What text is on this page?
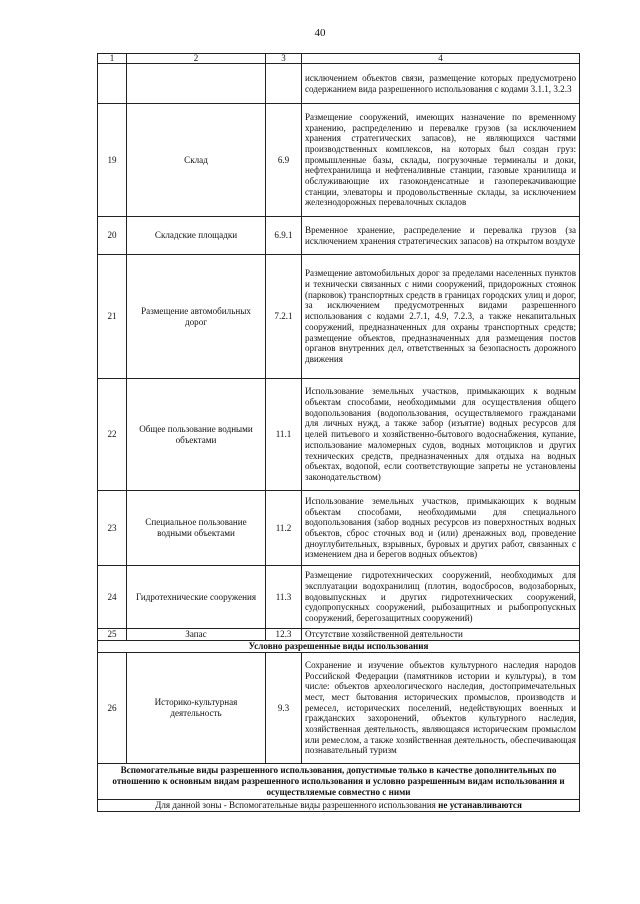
40
1	2	3	4
			исключением объектов связи, размещение которых предусмотрено содержанием вида разрешенного использования с кодами 3.1.1, 3.2.3
19	Склад	6.9	Размещение сооружений, имеющих назначение по временному хранению, распределению и перевалке грузов (за исключением хранения стратегических запасов), не являющихся частями производственных комплексов, на которых был создан груз: промышленные базы, склады, погрузочные терминалы и доки, нефтехранилища и нефтеналивные станции, газовые хранилища и обслуживающие их газоконденсатные и газоперекачивающие станции, элеваторы и продовольственные склады, за исключением железнодорожных перевалочных складов
20	Складские площадки	6.9.1	Временное хранение, распределение и перевалка грузов (за исключением хранения стратегических запасов) на открытом воздухе
21	Размещение автомобильных дорог	7.2.1	Размещение автомобильных дорог за пределами населенных пунктов и технически связанных с ними сооружений, придорожных стоянок (парковок) транспортных средств в границах городских улиц и дорог, за исключением предусмотренных видами разрешенного использования с кодами 2.7.1, 4.9, 7.2.3, а также некапитальных сооружений, предназначенных для охраны транспортных средств; размещение объектов, предназначенных для размещения постов органов внутренних дел, ответственных за безопасность дорожного движения
22	Общее пользование водными объектами	11.1	Использование земельных участков, примыкающих к водным объектам способами, необходимыми для осуществления общего водопользования (водопользования, осуществляемого гражданами для личных нужд, а также забор (изъятие) водных ресурсов для целей питьевого и хозяйственно-бытового водоснабжения, купание, использование маломерных судов, водных мотоциклов и других технических средств, предназначенных для отдыха на водных объектах, водопой, если соответствующие запреты не установлены законодательством)
23	Специальное пользование водными объектами	11.2	Использование земельных участков, примыкающих к водным объектам способами, необходимыми для специального водопользования (забор водных ресурсов из поверхностных водных объектов, сброс сточных вод и (или) дренажных вод, проведение дноуглубительных, взрывных, буровых и других работ, связанных с изменением дна и берегов водных объектов)
24	Гидротехнические сооружения	11.3	Размещение гидротехнических сооружений, необходимых для эксплуатации водохранилищ (плотин, водосбросов, водозаборных, водовыпускных и других гидротехнических сооружений, судопропускных сооружений, рыбозащитных и рыбопропускных сооружений, берегозащитных сооружений)
25	Запас	12.3	Отсутствие хозяйственной деятельности
Условно разрешенные виды использования			
26	Историко-культурная деятельность	9.3	Сохранение и изучение объектов культурного наследия народов Российской Федерации (памятников истории и культуры), в том числе: объектов археологического наследия, достопримечательных мест, мест бытования исторических промыслов, производств и ремесел, исторических поселений, недействующих военных и гражданских захоронений, объектов культурного наследия, хозяйственная деятельность, являющаяся историческим промыслом или ремеслом, а также хозяйственная деятельность, обеспечивающая познавательный туризм
Вспомогательные виды разрешенного использования, допустимые только в качестве дополнительных по отношению к основным видам разрешенного использования и условно разрешенным видам использования и осуществляемые совместно с ними			
Для данной зоны - Вспомогательные виды разрешенного использования не устанавливаются			
